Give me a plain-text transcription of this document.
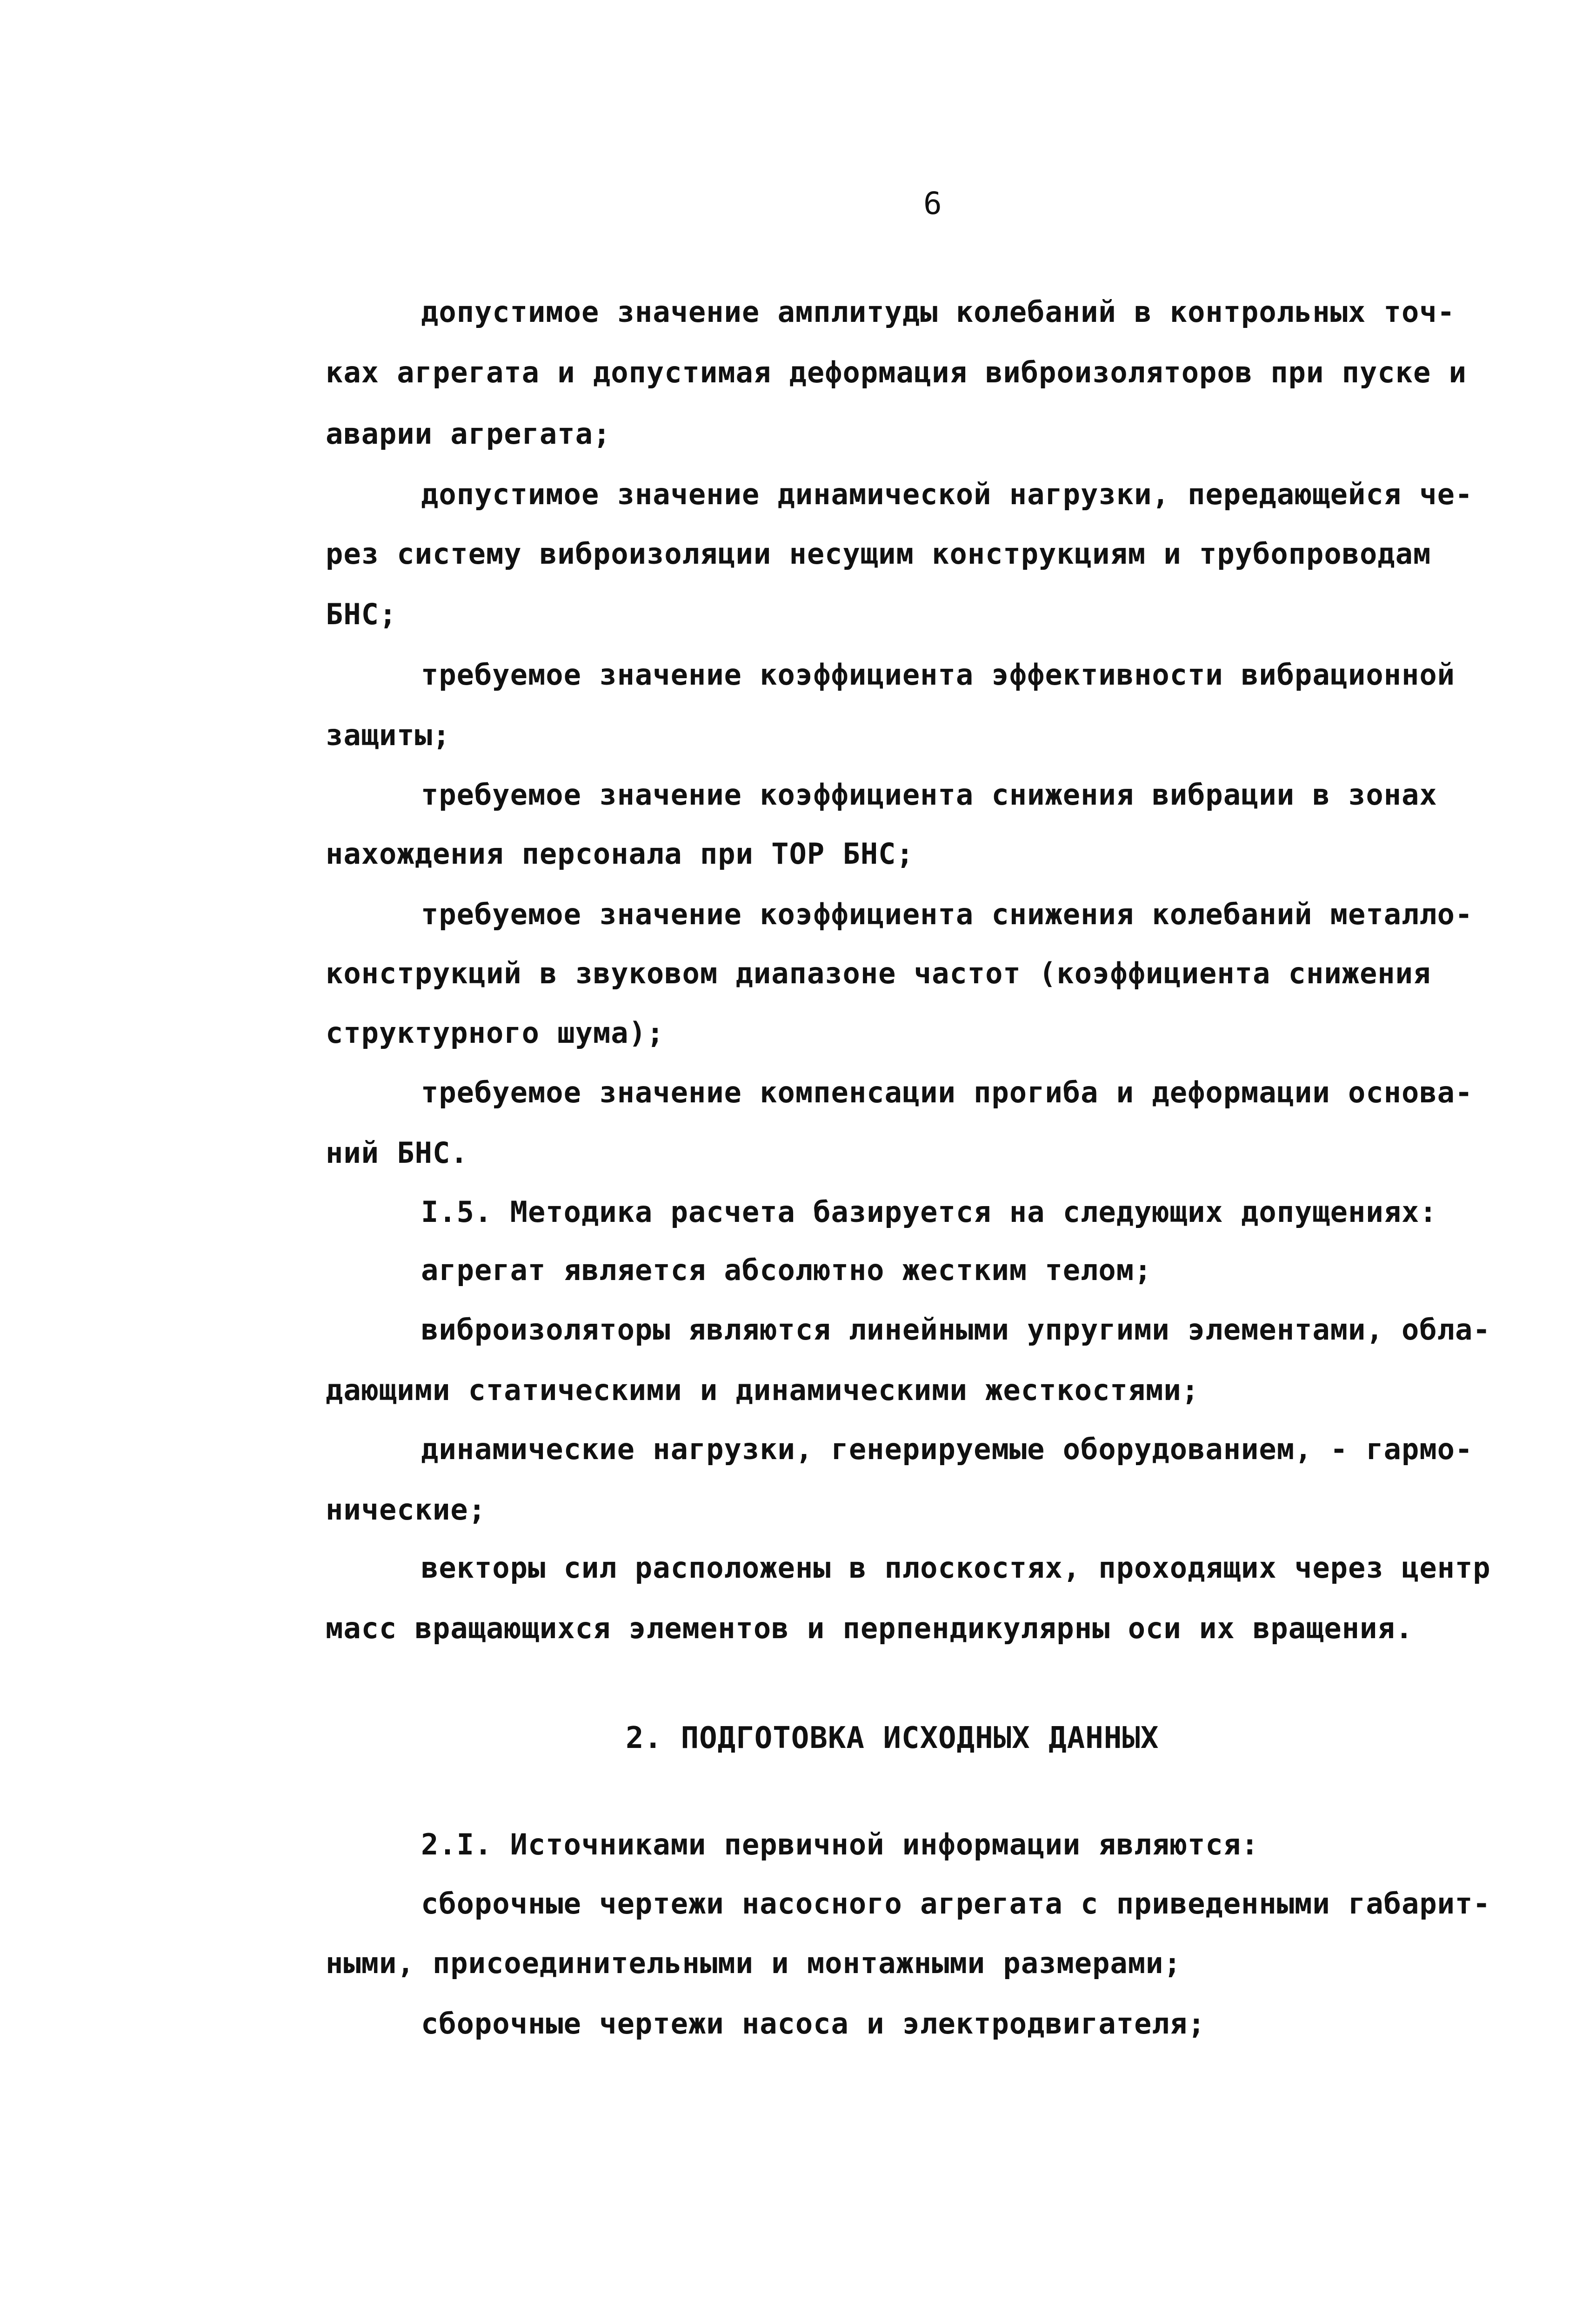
6
допустимое значение амплитуды колебаний в контрольных точ-
ках агрегата и допустимая деформация виброизоляторов при пуске и
аварии агрегата;
допустимое значение динамической нагрузки, передающейся че-
рез систему виброизоляции несущим конструкциям и трубопроводам
БНС;
требуемое значение коэффициента эффективности вибрационной
защиты;
требуемое значение коэффициента снижения вибрации в зонах
нахождения персонала при ТОР БНС;
требуемое значение коэффициента снижения колебаний металло-
конструкций в звуковом диапазоне частот (коэффициента снижения
структурного шума);
требуемое значение компенсации прогиба и деформации основа-
ний БНС.
I.5. Методика расчета базируется на следующих допущениях:
агрегат является абсолютно жестким телом;
виброизоляторы являются линейными упругими элементами, обла-
дающими статическими и динамическими жесткостями;
динамические нагрузки, генерируемые оборудованием, - гармо-
нические;
векторы сил расположены в плоскостях, проходящих через центр
масс вращающихся элементов и перпендикулярны оси их вращения.
2. ПОДГОТОВКА ИСХОДНЫХ ДАННЫХ
2.I. Источниками первичной информации являются:
сборочные чертежи насосного агрегата с приведенными габарит-
ными, присоединительными и монтажными размерами;
сборочные чертежи насоса и электродвигателя;
